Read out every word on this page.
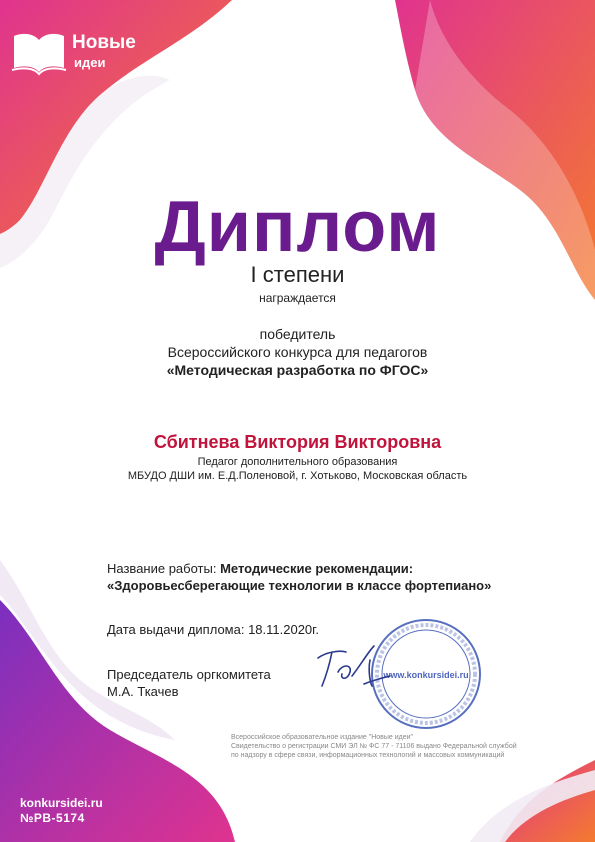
Новые
идеи
Диплом
I степени
награждается
победитель
Всероссийского конкурса для педагогов
«Методическая разработка по ФГОС»
Сбитнева Виктория Викторовна
Педагог дополнительного образования
МБУДО ДШИ им. Е.Д.Поленовой, г. Хотьково, Московская область
Название работы: Методические рекомендации:
«Здоровьесберегающие технологии в классе фортепиано»
Дата выдачи диплома: 18.11.2020г.
Председатель оргкомитета
М.А. Ткачев
www.konkursidei.ru
Всероссийское образовательное издание "Новые идеи"
Свидетельство о регистрации СМИ ЭЛ № ФС 77 - 71106 выдано Федеральной службой
по надзору в сфере связи, информационных технологий и массовых коммуникаций
konkursidei.ru
№РВ-5174
